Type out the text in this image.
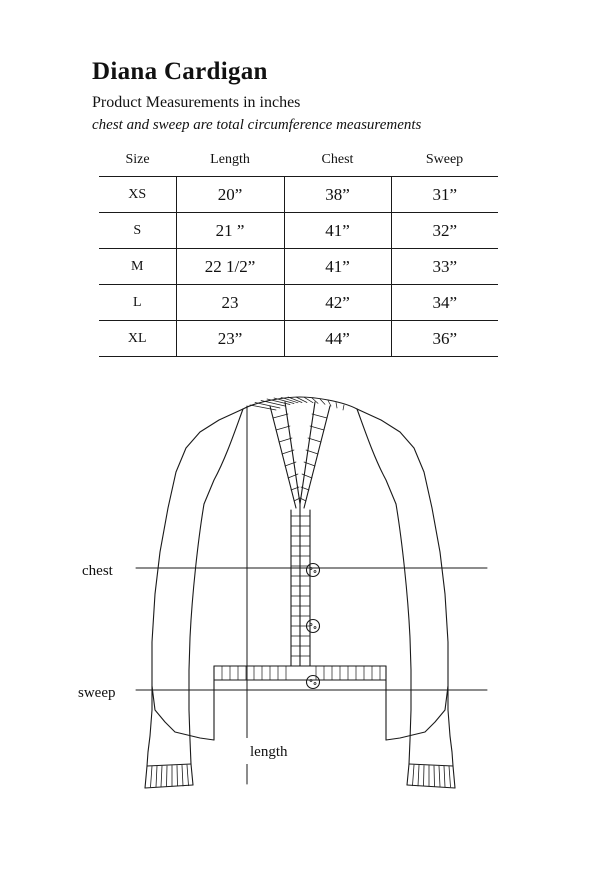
Diana Cardigan

Product Measurements in inches

chest and sweep are total circumference measurements

Size	Length	Chest	Sweep
XS	20”	38”	31”
S	21 ”	41”	32”
M	22 1/2”	41”	33”
L	23	42”	34”
XL	23”	44”	36”
chest
sweep
length
